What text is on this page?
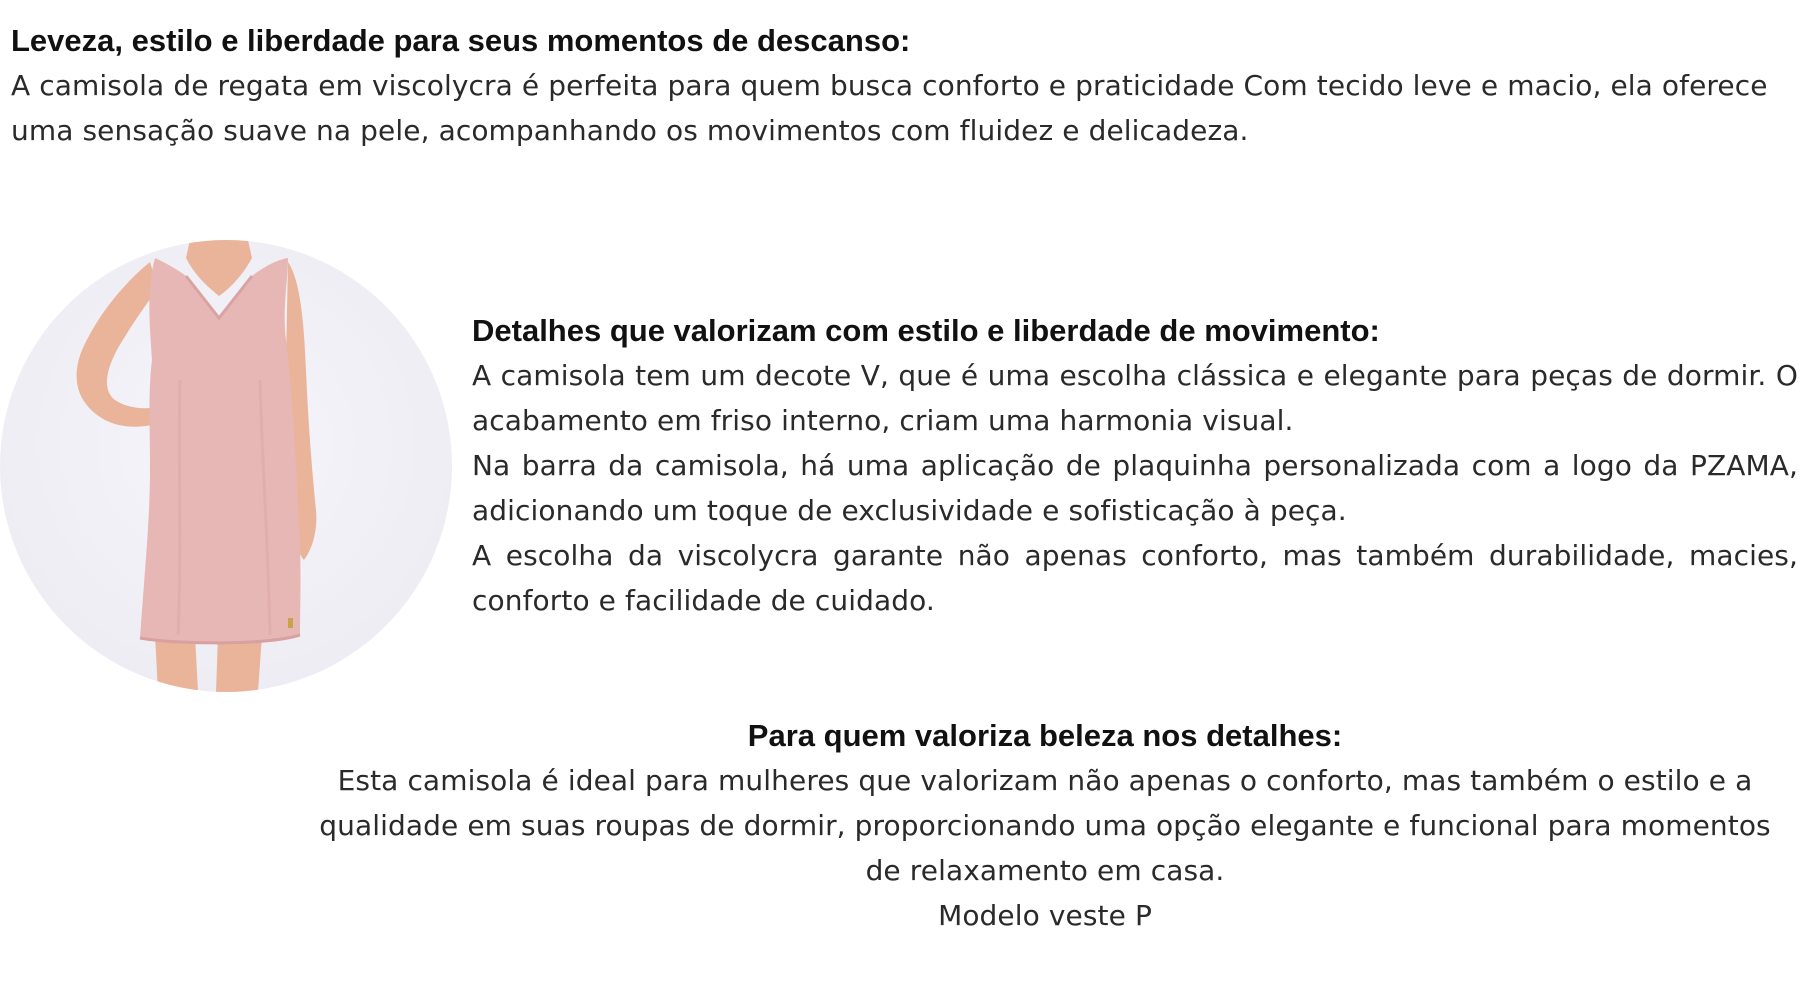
Leveza, estilo e liberdade para seus momentos de descanso:

A camisola de regata em viscolycra é perfeita para quem busca conforto e praticidade Com tecido leve e macio, ela oferece uma sensação suave na pele, acompanhando os movimentos com fluidez e delicadeza.

Detalhes que valorizam com estilo e liberdade de movimento:

A camisola tem um decote V, que é uma escolha clássica e elegante para peças de dormir. O acabamento em friso interno, criam uma harmonia visual.

Na barra da camisola, há uma aplicação de plaquinha personalizada com a logo da PZAMA, adicionando um toque de exclusividade e sofisticação à peça.

A escolha da viscolycra garante não apenas conforto, mas também durabilidade, macies, conforto e facilidade de cuidado.

Para quem valoriza beleza nos detalhes:

Esta camisola é ideal para mulheres que valorizam não apenas o conforto, mas também o estilo e a qualidade em suas roupas de dormir, proporcionando uma opção elegante e funcional para momentos de relaxamento em casa.

Modelo veste P
